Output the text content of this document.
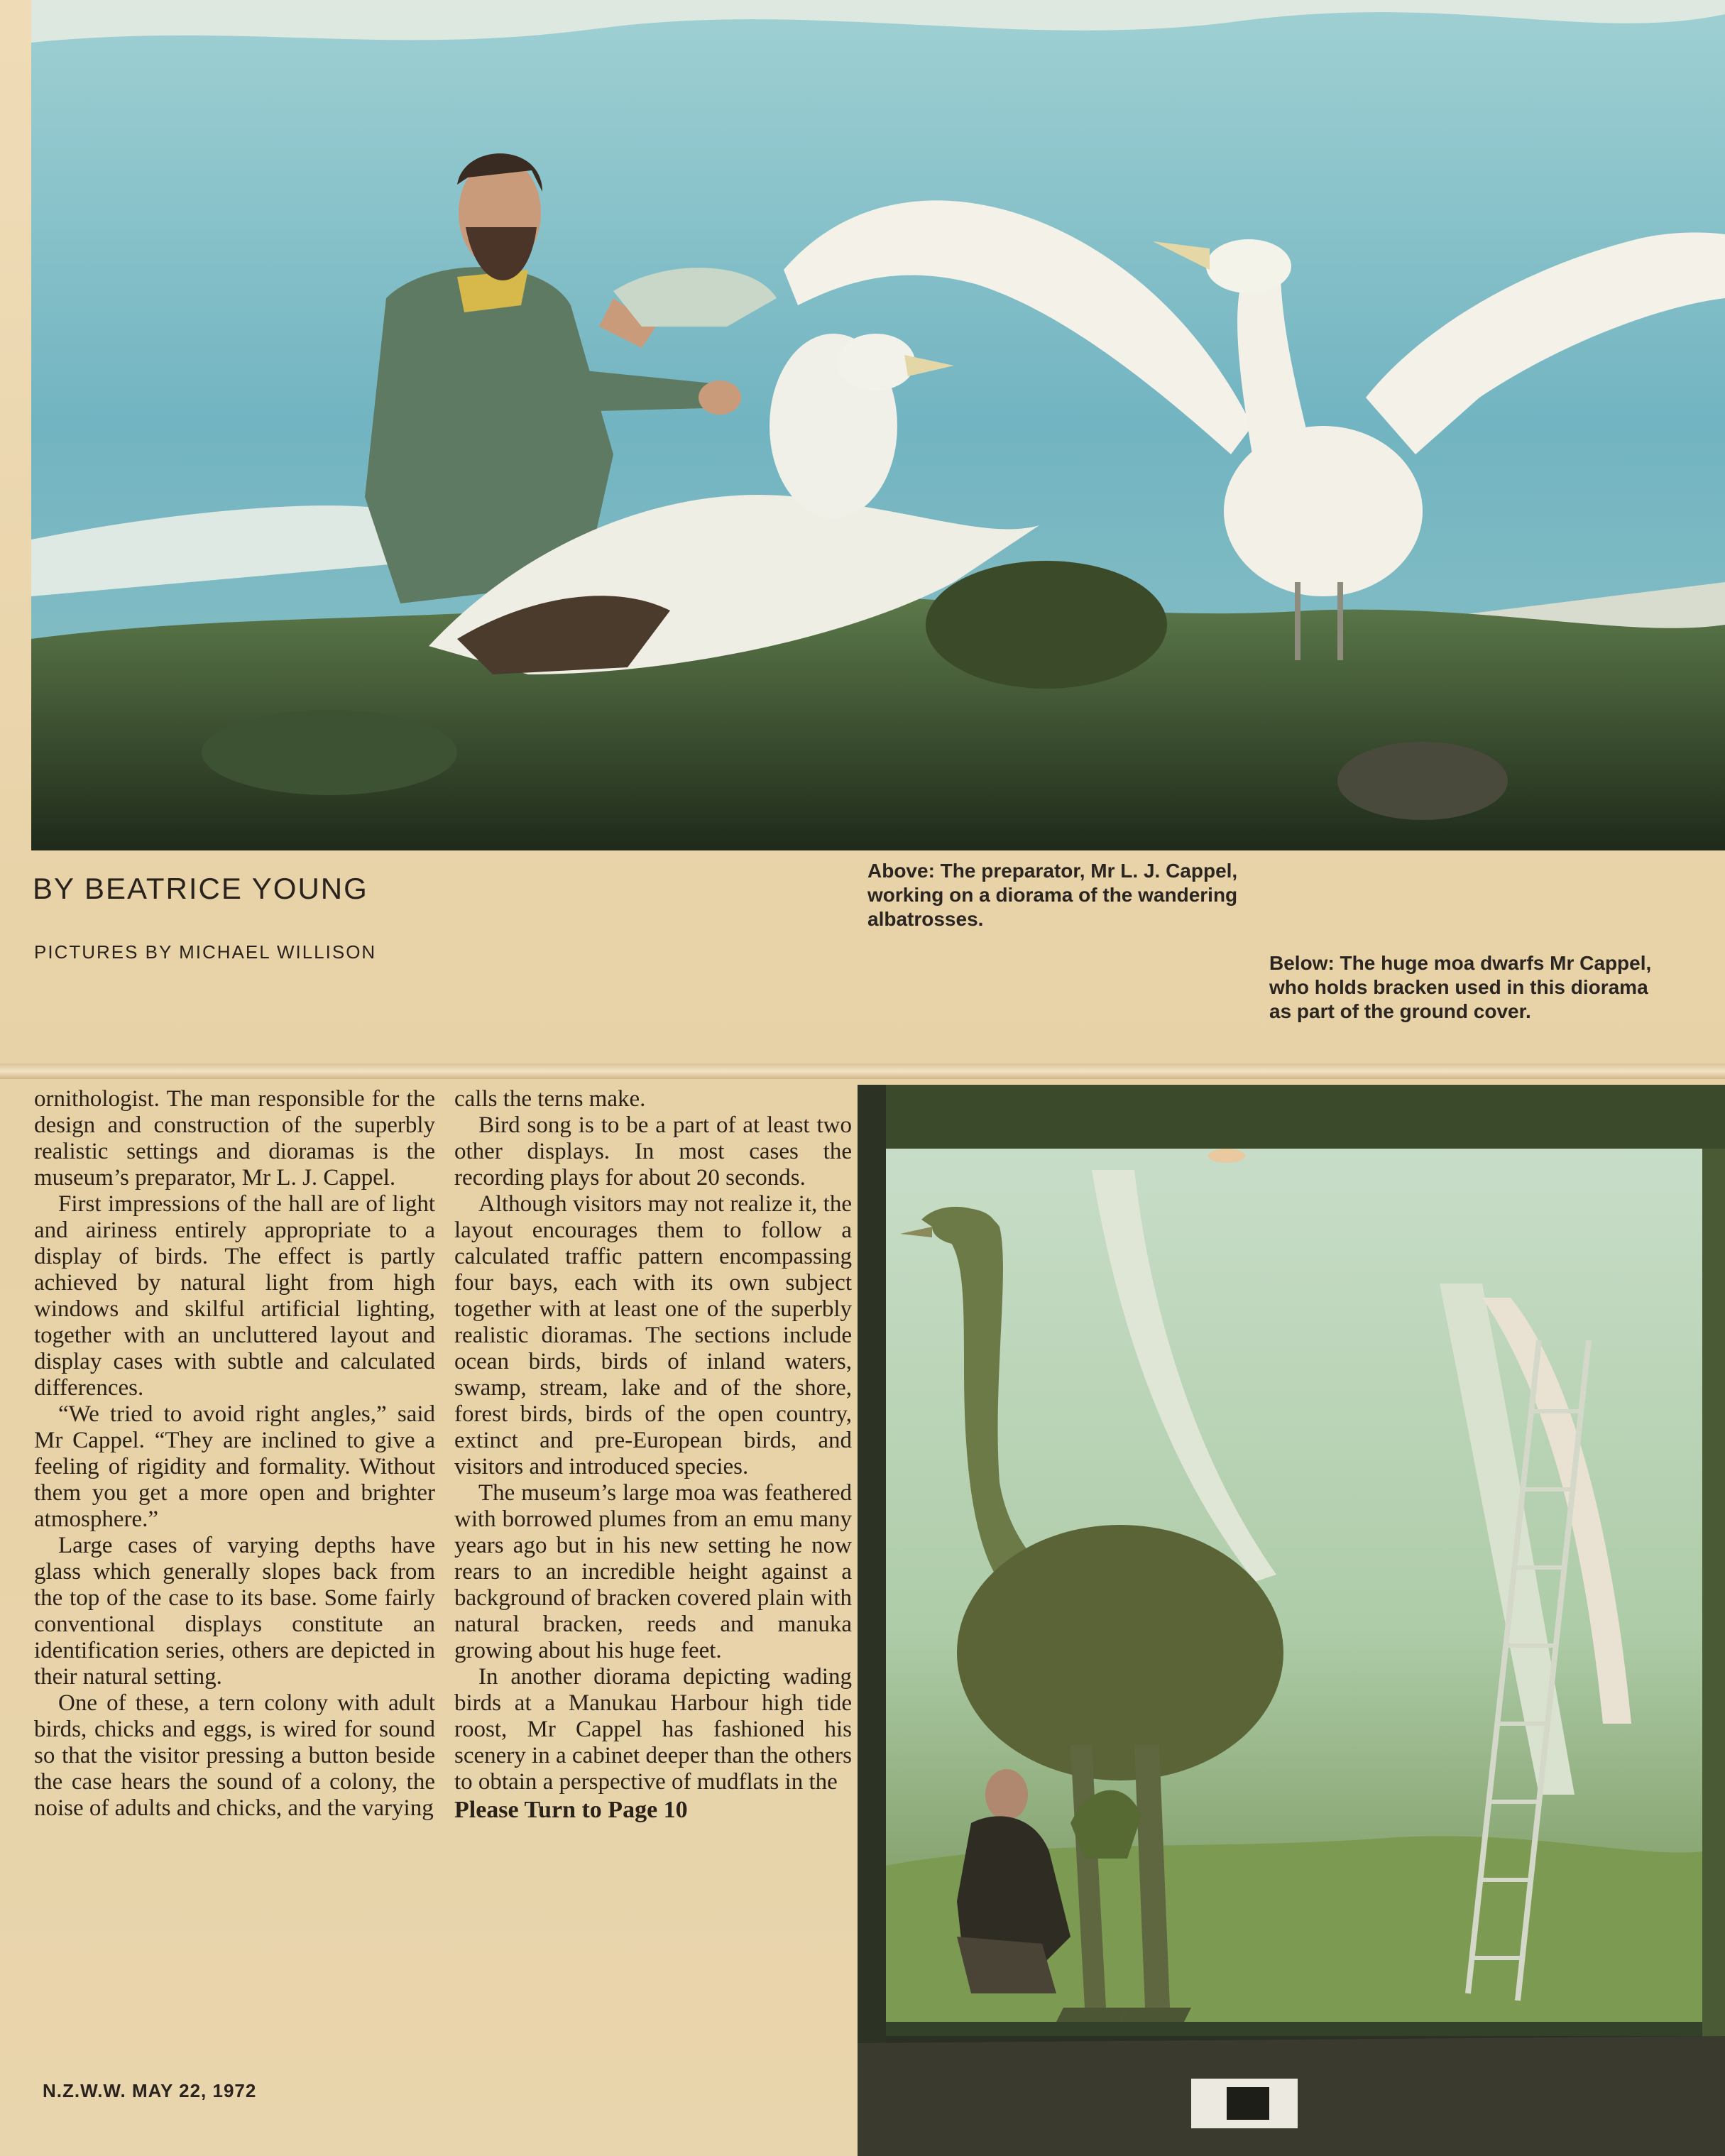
BY BEATRICE YOUNG
PICTURES BY MICHAEL WILLISON
Above: The preparator, Mr L. J. Cappel, working on a diorama of the wandering albatrosses.
Below: The huge moa dwarfs Mr Cappel, who holds bracken used in this diorama as part of the ground cover.

ornithologist. The man responsible for the design and construction of the superbly realistic settings and dioramas is the museum’s preparator, Mr L. J. Cappel.

First impressions of the hall are of light and airiness entirely appropriate to a display of birds. The effect is partly achieved by natural light from high windows and skilful artificial lighting, together with an uncluttered layout and display cases with subtle and calculated differences.

“We tried to avoid right angles,” said Mr Cappel. “They are inclined to give a feeling of rigidity and formality. Without them you get a more open and brighter atmosphere.”

Large cases of varying depths have glass which generally slopes back from the top of the case to its base. Some fairly conventional displays constitute an identification series, others are depicted in their natural setting.

One of these, a tern colony with adult birds, chicks and eggs, is wired for sound so that the visitor pressing a button beside the case hears the sound of a colony, the noise of adults and chicks, and the varying

calls the terns make.

Bird song is to be a part of at least two other displays. In most cases the recording plays for about 20 seconds.

Although visitors may not realize it, the layout encourages them to follow a calculated traffic pattern encompassing four bays, each with its own subject together with at least one of the superbly realistic dioramas. The sections include ocean birds, birds of inland waters, swamp, stream, lake and of the shore, forest birds, birds of the open country, extinct and pre-European birds, and visitors and introduced species.

The museum’s large moa was feathered with borrowed plumes from an emu many years ago but in his new setting he now rears to an incredible height against a background of bracken covered plain with natural bracken, reeds and manuka growing about his huge feet.

In another diorama depicting wading birds at a Manukau Harbour high tide roost, Mr Cappel has fashioned his scenery in a cabinet deeper than the others to obtain a perspective of mudflats in the

Please Turn to Page 10
N.Z.W.W. MAY 22, 1972
